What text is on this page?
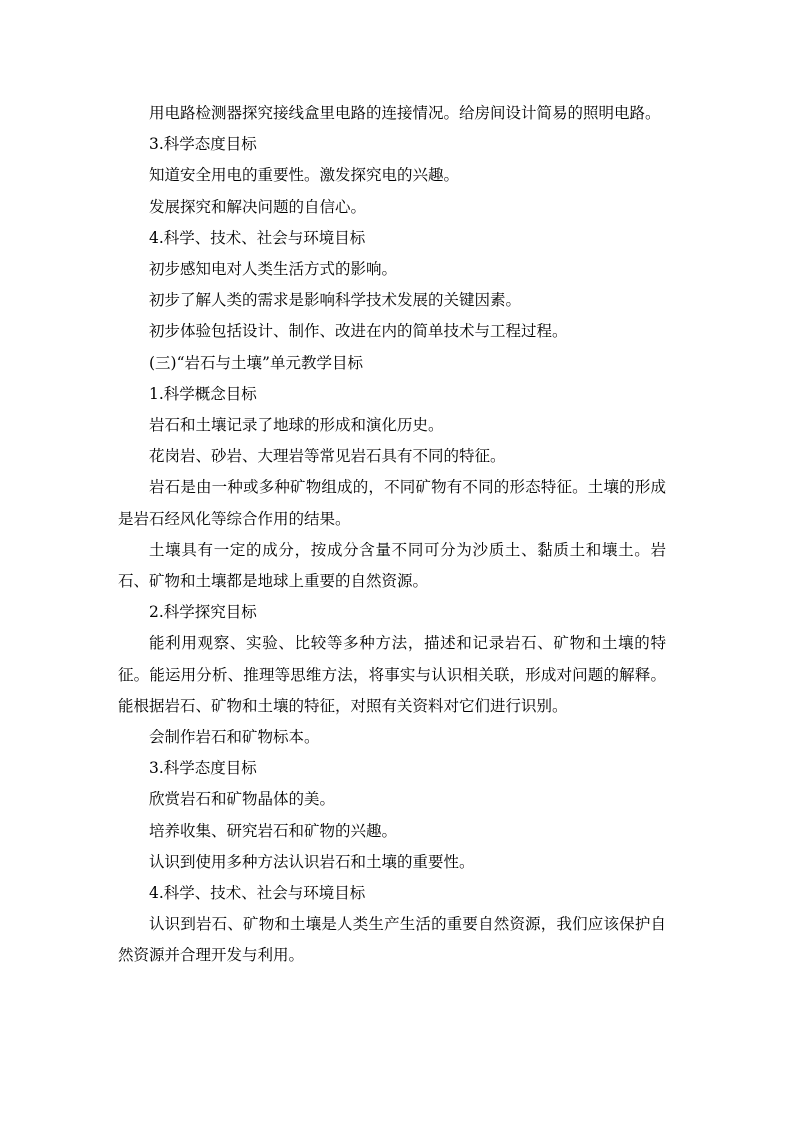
用电路检测器探究接线盒里电路的连接情况。给房间设计简易的照明电路。

3.科学态度目标

知道安全用电的重要性。激发探究电的兴趣。

发展探究和解决问题的自信心。

4.科学、技术、社会与环境目标

初步感知电对人类生活方式的影响。

初步了解人类的需求是影响科学技术发展的关键因素。

初步体验包括设计、制作、改进在内的简单技术与工程过程。

(三)“岩石与土壤”单元教学目标

1.科学概念目标

岩石和土壤记录了地球的形成和演化历史。

花岗岩、砂岩、大理岩等常见岩石具有不同的特征。

岩石是由一种或多种矿物组成的，不同矿物有不同的形态特征。土壤的形成是岩石经风化等综合作用的结果。

土壤具有一定的成分，按成分含量不同可分为沙质土、黏质土和壤土。岩石、矿物和土壤都是地球上重要的自然资源。

2.科学探究目标

能利用观察、实验、比较等多种方法，描述和记录岩石、矿物和土壤的特征。能运用分析、推理等思维方法，将事实与认识相关联，形成对问题的解释。能根据岩石、矿物和土壤的特征，对照有关资料对它们进行识别。

会制作岩石和矿物标本。

3.科学态度目标

欣赏岩石和矿物晶体的美。

培养收集、研究岩石和矿物的兴趣。

认识到使用多种方法认识岩石和土壤的重要性。

4.科学、技术、社会与环境目标

认识到岩石、矿物和土壤是人类生产生活的重要自然资源，我们应该保护自然资源并合理开发与利用。
